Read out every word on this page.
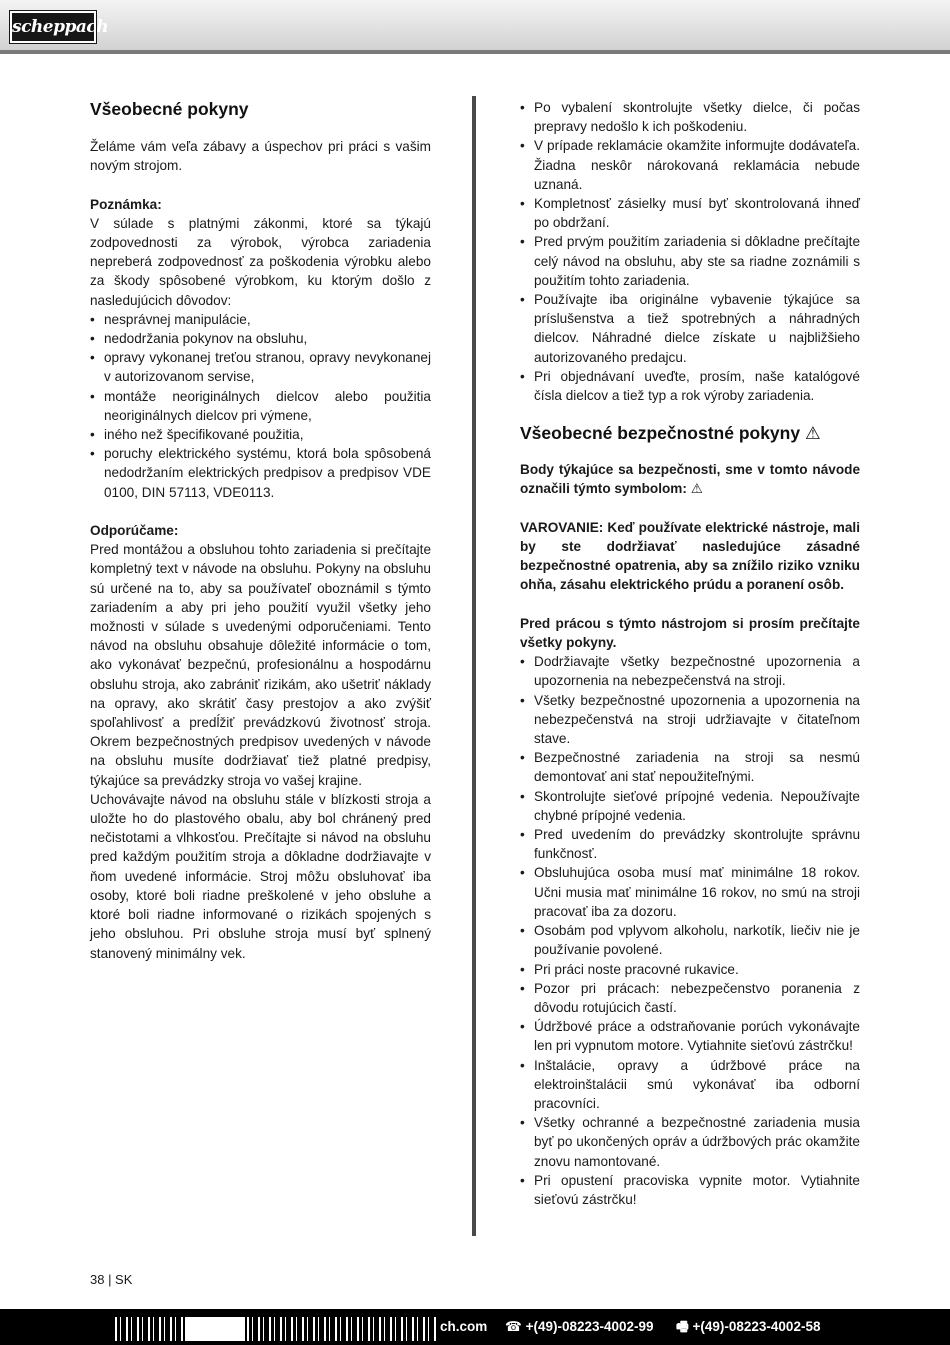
scheppach
Všeobecné pokyny

Želáme vám veľa zábavy a úspechov pri práci s vašim novým strojom.

Poznámka:

V súlade s platnými zákonmi, ktoré sa týkajú zodpovednosti za výrobok, výrobca zariadenia nepreberá zodpovednosť za poškodenia výrobku alebo za škody spôsobené výrobkom, ku ktorým došlo z nasledujúcich dôvodov:

• nesprávnej manipulácie,
• nedodržania pokynov na obsluhu,
• opravy vykonanej treťou stranou, opravy nevykonanej v autorizovanom servise,
• montáže neoriginálnych dielcov alebo použitia neoriginálnych dielcov pri výmene,
• iného než špecifikované použitia,
• poruchy elektrického systému, ktorá bola spôsobená nedodržaním elektrických predpisov a predpisov VDE 0100, DIN 57113, VDE0113.

Odporúčame:

Pred montážou a obsluhou tohto zariadenia si prečítajte kompletný text v návode na obsluhu. Pokyny na obsluhu sú určené na to, aby sa používateľ oboznámil s týmto zariadením a aby pri jeho použití využil všetky jeho možnosti v súlade s uvedenými odporučeniami. Tento návod na obsluhu obsahuje dôležité informácie o tom, ako vykonávať bezpečnú, profesionálnu a hospodárnu obsluhu stroja, ako zabrániť rizikám, ako ušetriť náklady na opravy, ako skrátiť časy prestojov a ako zvýšiť spoľahlivosť a predĺžiť prevádzkovú životnosť stroja. Okrem bezpečnostných predpisov uvedených v návode na obsluhu musíte dodržiavať tiež platné predpisy, týkajúce sa prevádzky stroja vo vašej krajine.

Uchovávajte návod na obsluhu stále v blízkosti stroja a uložte ho do plastového obalu, aby bol chránený pred nečistotami a vlhkosťou. Prečítajte si návod na obsluhu pred každým použitím stroja a dôkladne dodržiavajte v ňom uvedené informácie. Stroj môžu obsluhovať iba osoby, ktoré boli riadne preškolené v jeho obsluhe a ktoré boli riadne informované o rizikách spojených s jeho obsluhou. Pri obsluhe stroja musí byť splnený stanovený minimálny vek.

• Po vybalení skontrolujte všetky dielce, či počas prepravy nedošlo k ich poškodeniu.
• V prípade reklamácie okamžite informujte dodávateľa. Žiadna neskôr nárokovaná reklamácia nebude uznaná.
• Kompletnosť zásielky musí byť skontrolovaná ihneď po obdržaní.
• Pred prvým použitím zariadenia si dôkladne prečítajte celý návod na obsluhu, aby ste sa riadne zoznámili s použitím tohto zariadenia.
• Používajte iba originálne vybavenie týkajúce sa príslušenstva a tiež spotrebných a náhradných dielcov. Náhradné dielce získate u najbližšieho autorizovaného predajcu.
• Pri objednávaní uveďte, prosím, naše katalógové čísla dielcov a tiež typ a rok výroby zariadenia.
Všeobecné bezpečnostné pokyny ⚠

Body týkajúce sa bezpečnosti, sme v tomto návode označili týmto symbolom: ⚠

VAROVANIE: Keď používate elektrické nástroje, mali by ste dodržiavať nasledujúce zásadné bezpečnostné opatrenia, aby sa znížilo riziko vzniku ohňa, zásahu elektrického prúdu a poranení osôb.

Pred prácou s týmto nástrojom si prosím prečítajte všetky pokyny.

• Dodržiavajte všetky bezpečnostné upozornenia a upozornenia na nebezpečenstvá na stroji.
• Všetky bezpečnostné upozornenia a upozornenia na nebezpečenstvá na stroji udržiavajte v čitateľnom stave.
• Bezpečnostné zariadenia na stroji sa nesmú demontovať ani stať nepoužiteľnými.
• Skontrolujte sieťové prípojné vedenia. Nepoužívajte chybné prípojné vedenia.
• Pred uvedením do prevádzky skontrolujte správnu funkčnosť.
• Obsluhujúca osoba musí mať minimálne 18 rokov. Učni musia mať minimálne 16 rokov, no smú na stroji pracovať iba za dozoru.
• Osobám pod vplyvom alkoholu, narkotík, liečiv nie je používanie povolené.
• Pri práci noste pracovné rukavice.
• Pozor pri prácach: nebezpečenstvo poranenia z dôvodu rotujúcich častí.
• Údržbové práce a odstraňovanie porúch vykonávajte len pri vypnutom motore. Vytiahnite sieťovú zástrčku!
• Inštalácie, opravy a údržbové práce na elektroinštalácii smú vykonávať iba odborní pracovníci.
• Všetky ochranné a bezpečnostné zariadenia musia byť po ukončených opráv a údržbových prác okamžite znovu namontované.
• Pri opustení pracoviska vypnite motor. Vytiahnite sieťovú zástrčku!
38 | SK
ch.com ☎ +(49)-08223-4002-99 🖷 +(49)-08223-4002-58
